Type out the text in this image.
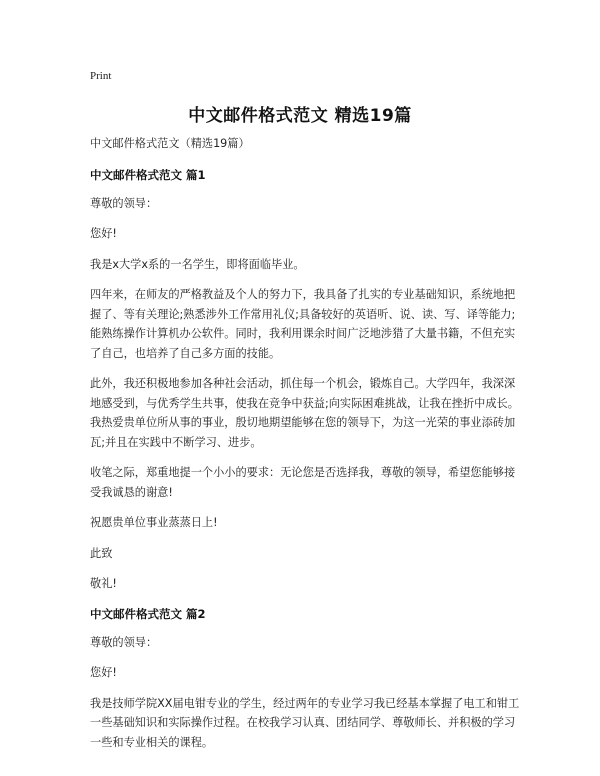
Print
中文邮件格式范文 精选19篇

中文邮件格式范文（精选19篇）

中文邮件格式范文 篇1

尊敬的领导：

您好!

我是x大学x系的一名学生，即将面临毕业。

四年来，在师友的严格教益及个人的努力下，我具备了扎实的专业基础知识，系统地把握了、等有关理论;熟悉涉外工作常用礼仪;具备较好的英语听、说、读、写、译等能力;能熟练操作计算机办公软件。同时，我利用课余时间广泛地涉猎了大量书籍，不但充实了自己，也培养了自己多方面的技能。

此外，我还积极地参加各种社会活动，抓住每一个机会，锻炼自己。大学四年，我深深地感受到，与优秀学生共事，使我在竞争中获益;向实际困难挑战，让我在挫折中成长。我热爱贵单位所从事的事业，殷切地期望能够在您的领导下，为这一光荣的事业添砖加瓦;并且在实践中不断学习、进步。

收笔之际，郑重地提一个小小的要求：无论您是否选择我，尊敬的领导，希望您能够接受我诚恳的谢意!

祝愿贵单位事业蒸蒸日上!

此致

敬礼!

中文邮件格式范文 篇2

尊敬的领导：

您好!

我是技师学院XX届电钳专业的学生，经过两年的专业学习我已经基本掌握了电工和钳工一些基础知识和实际操作过程。在校我学习认真、团结同学、尊敬师长、并积极的学习一些和专业相关的课程。
